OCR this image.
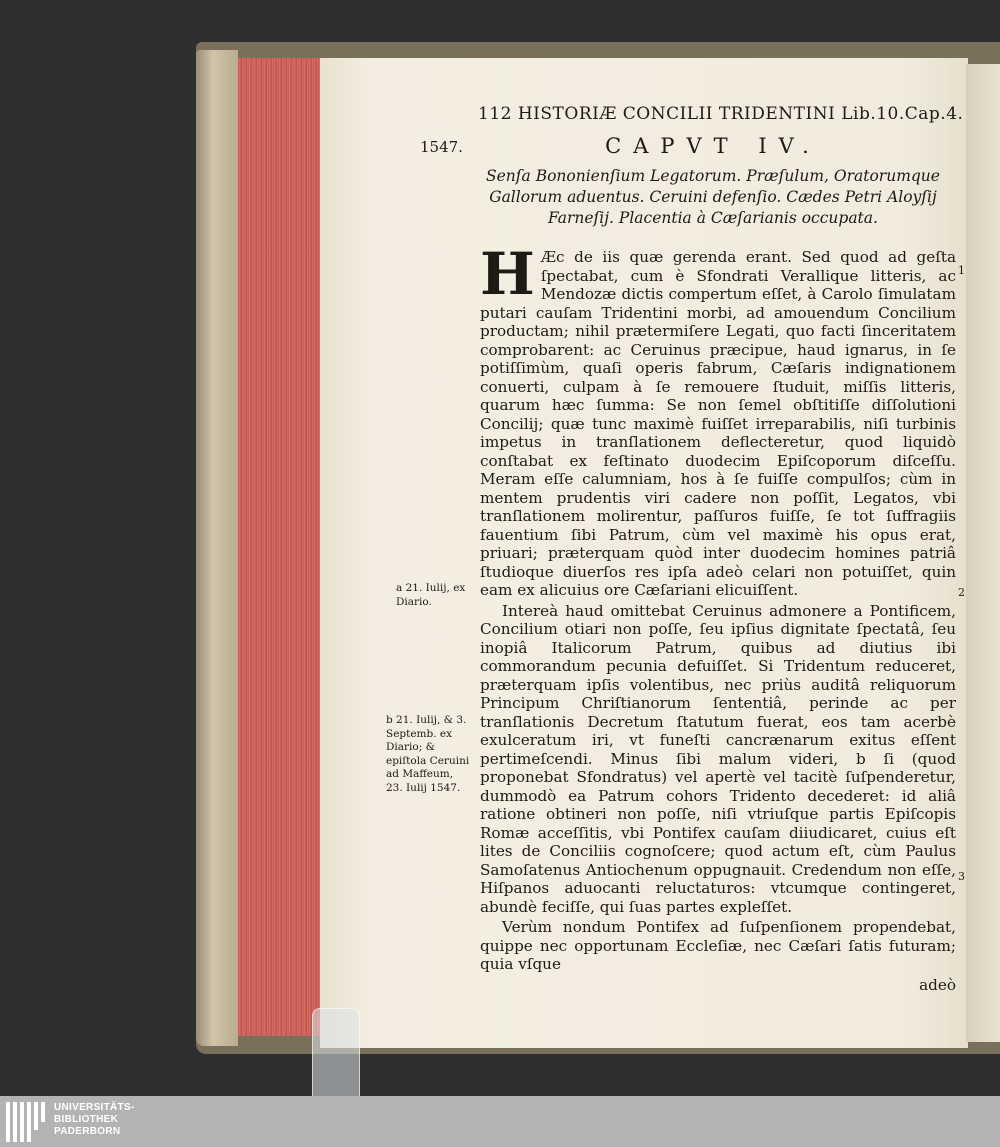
112 HISTORIÆ CONCILII TRIDENTINI Lib.10.Cap.4.
1547.	CAPVT IV.
Senſa Bononienſium Legatorum. Præſulum, Oratorumque Gallorum aduentus. Ceruini defenſio. Cædes Petri Aloyſij Farneſij. Placentia à Cæſarianis occupata.

H Æc de iis quæ gerenda erant. Sed quod ad geſta ſpectabat, cum è Sfondrati Verallique litteris, ac Mendozæ dictis compertum eſſet, à Carolo ſimulatam putari cauſam Tridentini morbi, ad amouendum Concilium productam; nihil prætermiſere Legati, quo facti ſinceritatem comprobarent: ac Ceruinus præcipue, haud ignarus, in ſe potiſſimùm, quaſi operis fabrum, Cæſaris indignationem conuerti, culpam à ſe remouere ſtuduit, miſſis litteris, quarum hæc ſumma: Se non ſemel obſtitiſſe diſſolutioni Concilij; quæ tunc maximè fuiſſet irreparabilis, niſi turbinis impetus in tranſlationem deflecteretur, quod liquidò conſtabat ex feſtinato duodecim Epiſcoporum diſceſſu. Meram eſſe calumniam, hos à ſe fuiſſe compulſos; cùm in mentem prudentis viri cadere non poſſit, Legatos, vbi tranſlationem molirentur, paſſuros fuiſſe, ſe tot ſuffragiis fauentium ſibi Patrum, cùm vel maximè his opus erat, priuari; præterquam quòd inter duodecim homines patriâ ſtudioque diuerſos res ipſa adeò celari non potuiſſet, quin eam ex alicuius ore Cæſariani elicuiſſent.

Intereà haud omittebat Ceruinus admonere a Pontificem, Concilium otiari non poſſe, ſeu ipſius dignitate ſpectatâ, ſeu inopiâ Italicorum Patrum, quibus ad diutius ibi commorandum pecunia defuiſſet. Si Tridentum reduceret, præterquam ipſis volentibus, nec priùs auditâ reliquorum Principum Chriſtianorum ſententiâ, perinde ac per tranſlationis Decretum ſtatutum fuerat, eos tam acerbè exulceratum iri, vt funeſti cancrænarum exitus eſſent pertimeſcendi. Minus ſibi malum videri, b ſi (quod proponebat Sfondratus) vel apertè vel tacitè ſuſpenderetur, dummodò ea Patrum cohors Tridento decederet: id aliâ ratione obtineri non poſſe, niſi vtriuſque partis Epiſcopis Romæ acceſſitis, vbi Pontifex cauſam diiudicaret, cuius eſt lites de Conciliis cognoſcere; quod actum eſt, cùm Paulus Samoſatenus Antiochenum oppugnauit. Credendum non eſſe, Hiſpanos aduocanti reluctaturos: vtcumque contingeret, abundè feciſſe, qui ſuas partes expleſſet.

Verùm nondum Pontifex ad ſuſpenſionem propendebat, quippe nec opportunam Eccleſiæ, nec Cæſari ſatis futuram; quia vſque

adeò
a 21. Iulij, ex Diario.
b 21. Iulij, & 3. Septemb. ex Diario; & epiſtola Ceruini ad Maffeum, 23. Iulij 1547.
1
2
3
UNIVERSITÄTS-
BIBLIOTHEK
PADERBORN
